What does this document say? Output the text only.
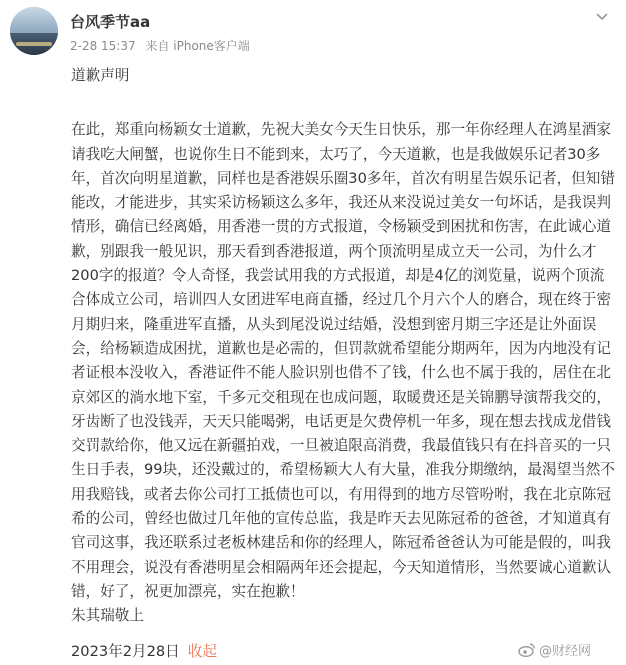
台风季节aa
2-28 15:37 来自 iPhone客户端

道歉声明

在此，郑重向杨颖女士道歉，先祝大美女今天生日快乐，那一年你经理人在鸿星酒家请我吃大闸蟹，也说你生日不能到来，太巧了，今天道歉，也是我做娱乐记者30多年，首次向明星道歉，同样也是香港娱乐圈30多年，首次有明星告娱乐记者，但知错能改，才能进步，其实采访杨颖这么多年，我还从来没说过美女一句坏话，是我误判情形，确信已经离婚，用香港一贯的方式报道，令杨颖受到困扰和伤害，在此诚心道歉，别跟我一般见识，那天看到香港报道，两个顶流明星成立天一公司，为什么才200字的报道？令人奇怪，我尝试用我的方式报道，却是4亿的浏览量，说两个顶流合体成立公司，培训四人女团进军电商直播，经过几个月六个人的磨合，现在终于密月期归来，隆重进军直播，从头到尾没说过结婚，没想到密月期三字还是让外面误会，给杨颖造成困扰，道歉也是必需的，但罚款就希望能分期两年，因为内地没有记者证根本没收入，香港证件不能人脸识别也借不了钱，什么也不属于我的，居住在北京郊区的淌水地下室，千多元交租现在也成问题，取暖费还是关锦鹏导演帮我交的，牙齿断了也没钱弄，天天只能喝粥，电话更是欠费停机一年多，现在想去找成龙借钱交罚款给你，他又远在新疆拍戏，一旦被追限高消费，我最值钱只有在抖音买的一只生日手表，99块，还没戴过的，希望杨颖大人有大量，准我分期缴纳，最渴望当然不用我赔钱，或者去你公司打工抵债也可以，有用得到的地方尽管吩咐，我在北京陈冠希的公司，曾经也做过几年他的宣传总监，我是昨天去见陈冠希的爸爸，才知道真有官司这事，我还联系过老板林建岳和你的经理人，陈冠希爸爸认为可能是假的，叫我不用理会，说没有香港明星会相隔两年还会提起，今天知道情形，当然要诚心道歉认错，好了，祝更加漂亮，实在抱歉！

朱其瑞敬上

2023年2月28日 收起	@财经网
